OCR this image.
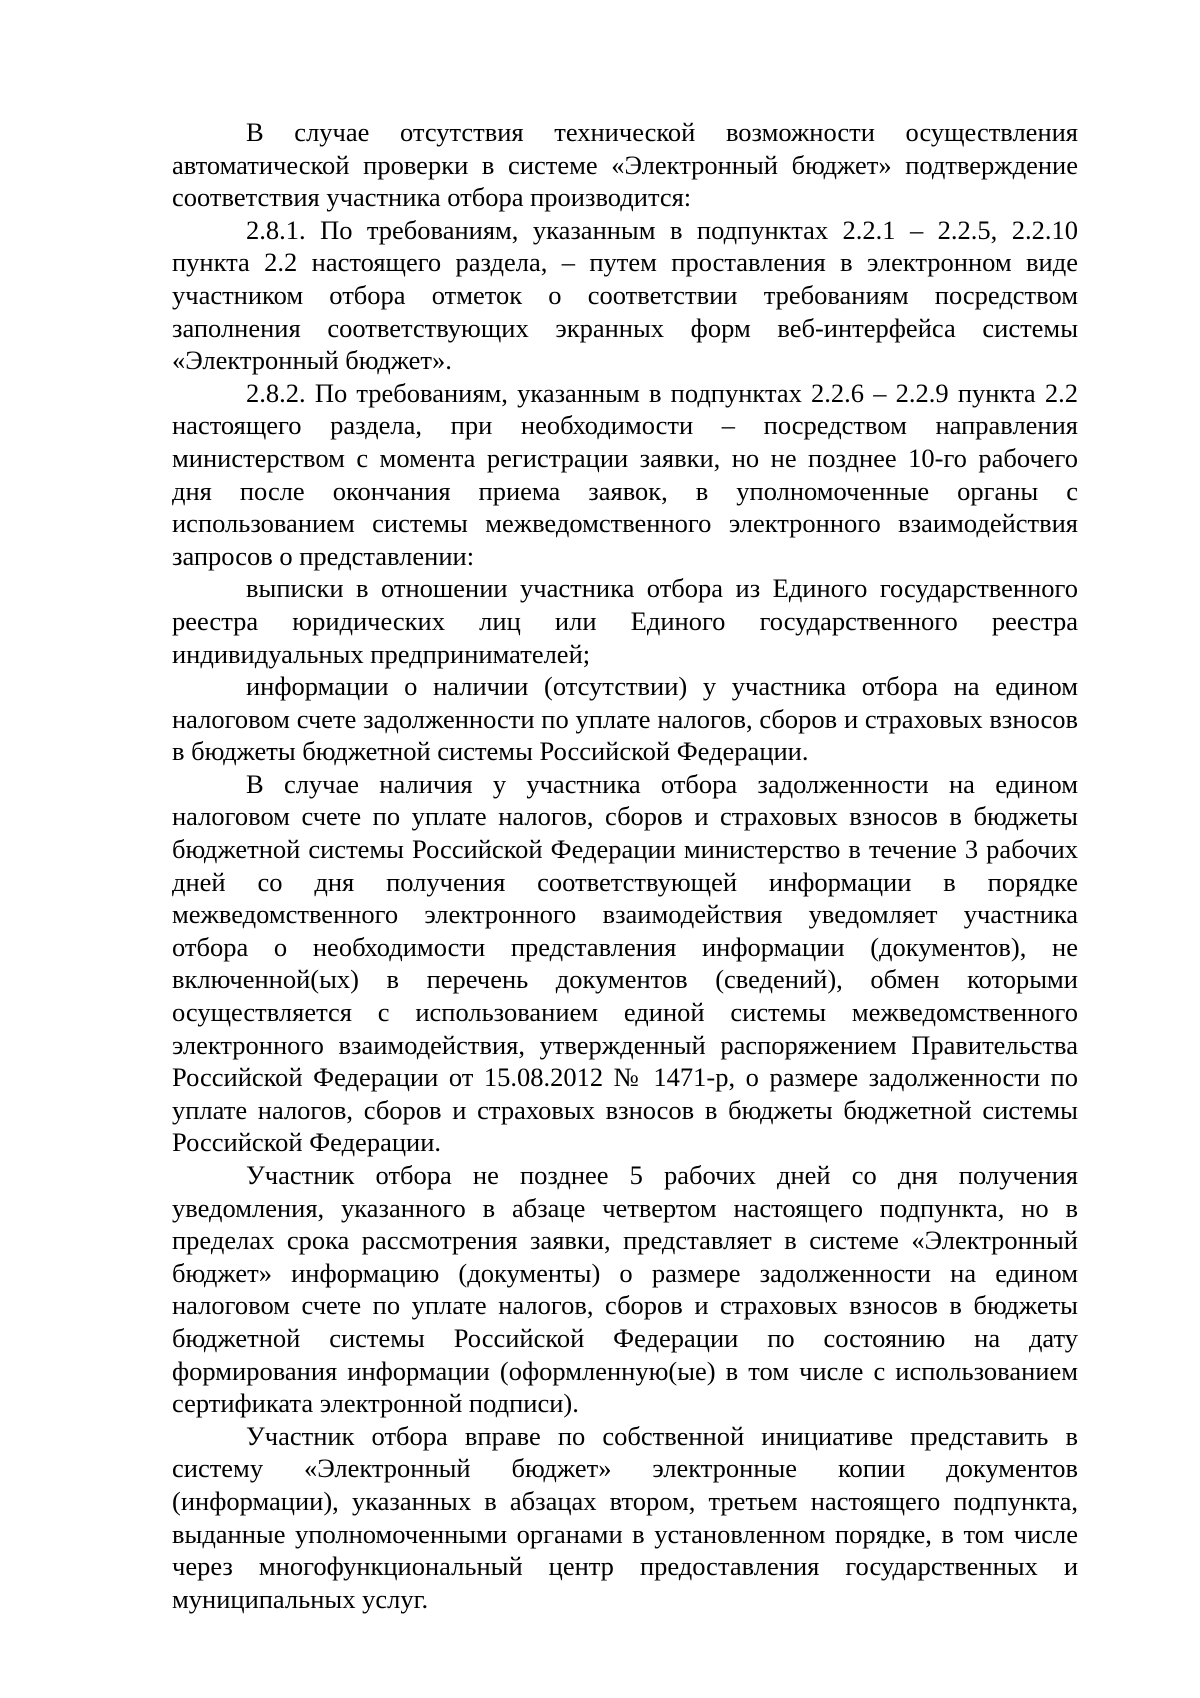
В случае отсутствия технической возможности осуществления автоматической проверки в системе «Электронный бюджет» подтверждение соответствия участника отбора производится:

2.8.1. По требованиям, указанным в подпунктах 2.2.1 – 2.2.5, 2.2.10 пункта 2.2 настоящего раздела, – путем проставления в электронном виде участником отбора отметок о соответствии требованиям посредством заполнения соответствующих экранных форм веб-интерфейса системы «Электронный бюджет».

2.8.2. По требованиям, указанным в подпунктах 2.2.6 – 2.2.9 пункта 2.2 настоящего раздела, при необходимости – посредством направления министерством с момента регистрации заявки, но не позднее 10-го рабочего дня после окончания приема заявок, в уполномоченные органы с использованием системы межведомственного электронного взаимодействия запросов о представлении:

выписки в отношении участника отбора из Единого государственного реестра юридических лиц или Единого государственного реестра индивидуальных предпринимателей;

информации о наличии (отсутствии) у участника отбора на едином налоговом счете задолженности по уплате налогов, сборов и страховых взносов в бюджеты бюджетной системы Российской Федерации.

В случае наличия у участника отбора задолженности на едином налоговом счете по уплате налогов, сборов и страховых взносов в бюджеты бюджетной системы Российской Федерации министерство в течение 3 рабочих дней со дня получения соответствующей информации в порядке межведомственного электронного взаимодействия уведомляет участника отбора о необходимости представления информации (документов), не включенной(ых) в перечень документов (сведений), обмен которыми осуществляется с использованием единой системы межведомственного электронного взаимодействия, утвержденный распоряжением Правительства Российской Федерации от 15.08.2012 № 1471-р, о размере задолженности по уплате налогов, сборов и страховых взносов в бюджеты бюджетной системы Российской Федерации.

Участник отбора не позднее 5 рабочих дней со дня получения уведомления, указанного в абзаце четвертом настоящего подпункта, но в пределах срока рассмотрения заявки, представляет в системе «Электронный бюджет» информацию (документы) о размере задолженности на едином налоговом счете по уплате налогов, сборов и страховых взносов в бюджеты бюджетной системы Российской Федерации по состоянию на дату формирования информации (оформленную(ые) в том числе с использованием сертификата электронной подписи).

Участник отбора вправе по собственной инициативе представить в систему «Электронный бюджет» электронные копии документов (информации), указанных в абзацах втором, третьем настоящего подпункта, выданные уполномоченными органами в установленном порядке, в том числе через многофункциональный центр предоставления государственных и муниципальных услуг.
